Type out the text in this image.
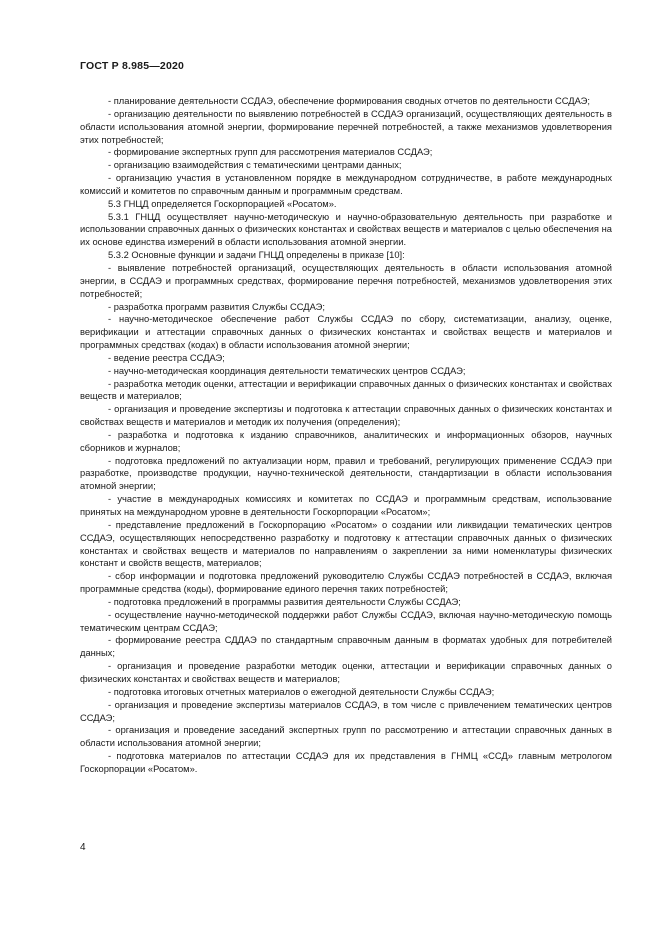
ГОСТ Р 8.985—2020

- планирование деятельности ССДАЭ, обеспечение формирования сводных отчетов по деятельности ССДАЭ;

- организацию деятельности по выявлению потребностей в ССДАЭ организаций, осуществляющих деятельность в области использования атомной энергии, формирование перечней потребностей, а также механизмов удовлетворения этих потребностей;

- формирование экспертных групп для рассмотрения материалов ССДАЭ;

- организацию взаимодействия с тематическими центрами данных;

- организацию участия в установленном порядке в международном сотрудничестве, в работе международных комиссий и комитетов по справочным данным и программным средствам.

5.3 ГНЦД определяется Госкорпорацией «Росатом».

5.3.1 ГНЦД осуществляет научно-методическую и научно-образовательную деятельность при разработке и использовании справочных данных о физических константах и свойствах веществ и материалов с целью обеспечения на их основе единства измерений в области использования атомной энергии.

5.3.2 Основные функции и задачи ГНЦД определены в приказе [10]:

- выявление потребностей организаций, осуществляющих деятельность в области использования атомной энергии, в ССДАЭ и программных средствах, формирование перечня потребностей, механизмов удовлетворения этих потребностей;

- разработка программ развития Службы ССДАЭ;

- научно-методическое обеспечение работ Службы ССДАЭ по сбору, систематизации, анализу, оценке, верификации и аттестации справочных данных о физических константах и свойствах веществ и материалов и программных средствах (кодах) в области использования атомной энергии;

- ведение реестра ССДАЭ;

- научно-методическая координация деятельности тематических центров ССДАЭ;

- разработка методик оценки, аттестации и верификации справочных данных о физических константах и свойствах веществ и материалов;

- организация и проведение экспертизы и подготовка к аттестации справочных данных о физических константах и свойствах веществ и материалов и методик их получения (определения);

- разработка и подготовка к изданию справочников, аналитических и информационных обзоров, научных сборников и журналов;

- подготовка предложений по актуализации норм, правил и требований, регулирующих применение ССДАЭ при разработке, производстве продукции, научно-технической деятельности, стандартизации в области использования атомной энергии;

- участие в международных комиссиях и комитетах по ССДАЭ и программным средствам, использование принятых на международном уровне в деятельности Госкорпорации «Росатом»;

- представление предложений в Госкорпорацию «Росатом» о создании или ликвидации тематических центров ССДАЭ, осуществляющих непосредственно разработку и подготовку к аттестации справочных данных о физических константах и свойствах веществ и материалов по направлениям о закреплении за ними номенклатуры физических констант и свойств веществ, материалов;

- сбор информации и подготовка предложений руководителю Службы ССДАЭ потребностей в ССДАЭ, включая программные средства (коды), формирование единого перечня таких потребностей;

- подготовка предложений в программы развития деятельности Службы ССДАЭ;

- осуществление научно-методической поддержки работ Службы ССДАЭ, включая научно-методическую помощь тематическим центрам ССДАЭ;

- формирование реестра СДДАЭ по стандартным справочным данным в форматах удобных для потребителей данных;

- организация и проведение разработки методик оценки, аттестации и верификации справочных данных о физических константах и свойствах веществ и материалов;

- подготовка итоговых отчетных материалов о ежегодной деятельности Службы ССДАЭ;

- организация и проведение экспертизы материалов ССДАЭ, в том числе с привлечением тематических центров ССДАЭ;

- организация и проведение заседаний экспертных групп по рассмотрению и аттестации справочных данных в области использования атомной энергии;

- подготовка материалов по аттестации ССДАЭ для их представления в ГНМЦ «ССД» главным метрологом Госкорпорации «Росатом».

4
